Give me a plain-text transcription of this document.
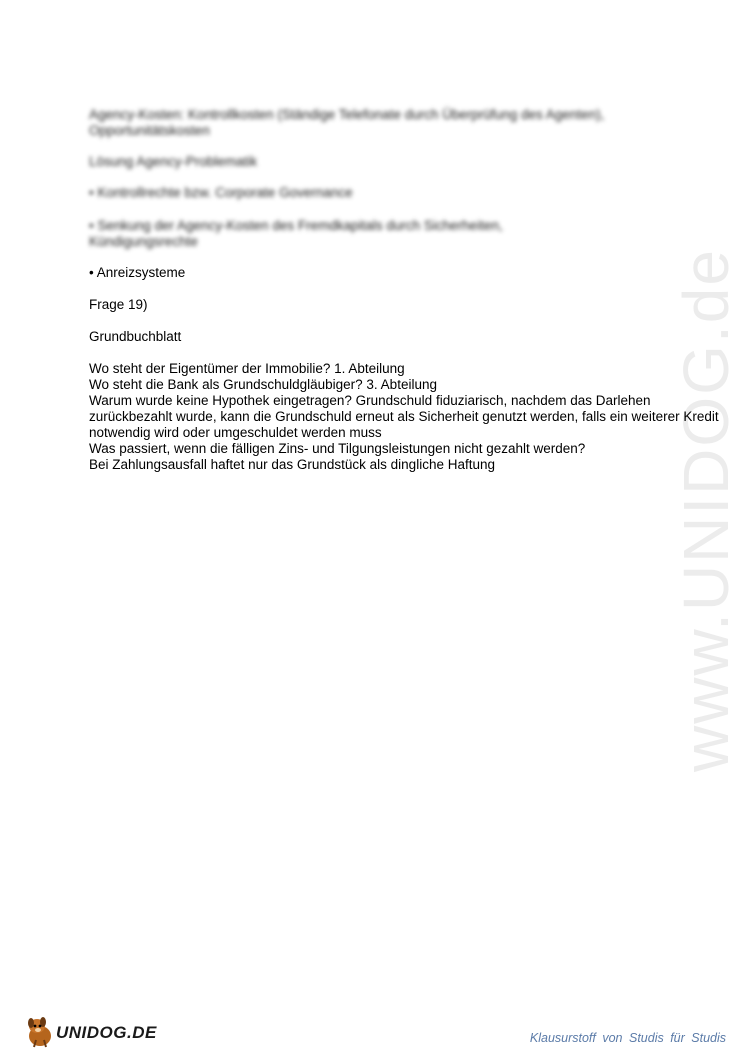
www.UNIDOG.de
Agency-Kosten: Kontrollkosten (Ständige Telefonate durch Überprüfung des Agenten),
Opportunitätskosten
Lösung Agency-Problematik
• Kontrollrechte bzw. Corporate Governance
• Senkung der Agency-Kosten des Fremdkapitals durch Sicherheiten,
Kündigungsrechte
• Anreizsysteme
Frage 19)
Grundbuchblatt
Wo steht der Eigentümer der Immobilie? 1. Abteilung
Wo steht die Bank als Grundschuldgläubiger? 3. Abteilung
Warum wurde keine Hypothek eingetragen? Grundschuld fiduziarisch, nachdem das Darlehen
zurückbezahlt wurde, kann die Grundschuld erneut als Sicherheit genutzt werden, falls ein weiterer Kredit
notwendig wird oder umgeschuldet werden muss
Was passiert, wenn die fälligen Zins- und Tilgungsleistungen nicht gezahlt werden?
Bei Zahlungsausfall haftet nur das Grundstück als dingliche Haftung
UNIDOG.DE	Klausurstoff von Studis für Studis
